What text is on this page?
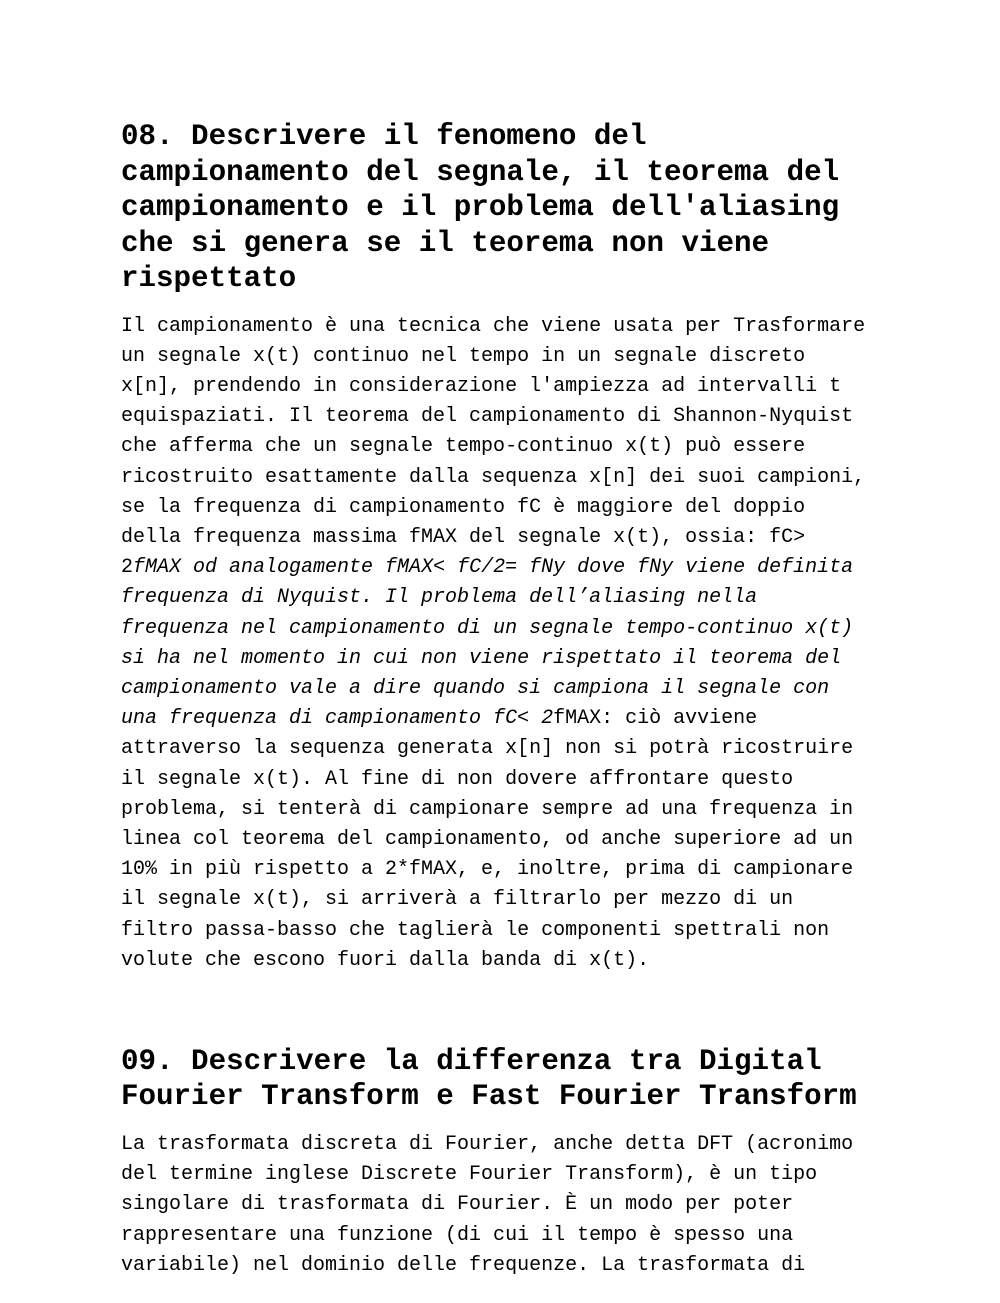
08. Descrivere il fenomeno del
campionamento del segnale, il teorema del
campionamento e il problema dell'aliasing
che si genera se il teorema non viene
rispettato

Il campionamento è una tecnica che viene usata per Trasformare
un segnale x(t) continuo nel tempo in un segnale discreto
x[n], prendendo in considerazione l'ampiezza ad intervalli t
equispaziati. Il teorema del campionamento di Shannon-Nyquist
che afferma che un segnale tempo-continuo x(t) può essere
ricostruito esattamente dalla sequenza x[n] dei suoi campioni,
se la frequenza di campionamento fC è maggiore del doppio
della frequenza massima fMAX del segnale x(t), ossia: fC>
2fMAX od analogamente fMAX< fC/2= fNy dove fNy viene definita
frequenza di Nyquist. Il problema dell’aliasing nella
frequenza nel campionamento di un segnale tempo-continuo x(t)
si ha nel momento in cui non viene rispettato il teorema del
campionamento vale a dire quando si campiona il segnale con
una frequenza di campionamento fC< 2fMAX: ciò avviene
attraverso la sequenza generata x[n] non si potrà ricostruire
il segnale x(t). Al fine di non dovere affrontare questo
problema, si tenterà di campionare sempre ad una frequenza in
linea col teorema del campionamento, od anche superiore ad un
10% in più rispetto a 2*fMAX, e, inoltre, prima di campionare
il segnale x(t), si arriverà a filtrarlo per mezzo di un
filtro passa-basso che taglierà le componenti spettrali non
volute che escono fuori dalla banda di x(t).

09. Descrivere la differenza tra Digital
Fourier Transform e Fast Fourier Transform

La trasformata discreta di Fourier, anche detta DFT (acronimo
del termine inglese Discrete Fourier Transform), è un tipo
singolare di trasformata di Fourier. È un modo per poter
rappresentare una funzione (di cui il tempo è spesso una
variabile) nel dominio delle frequenze. La trasformata di
